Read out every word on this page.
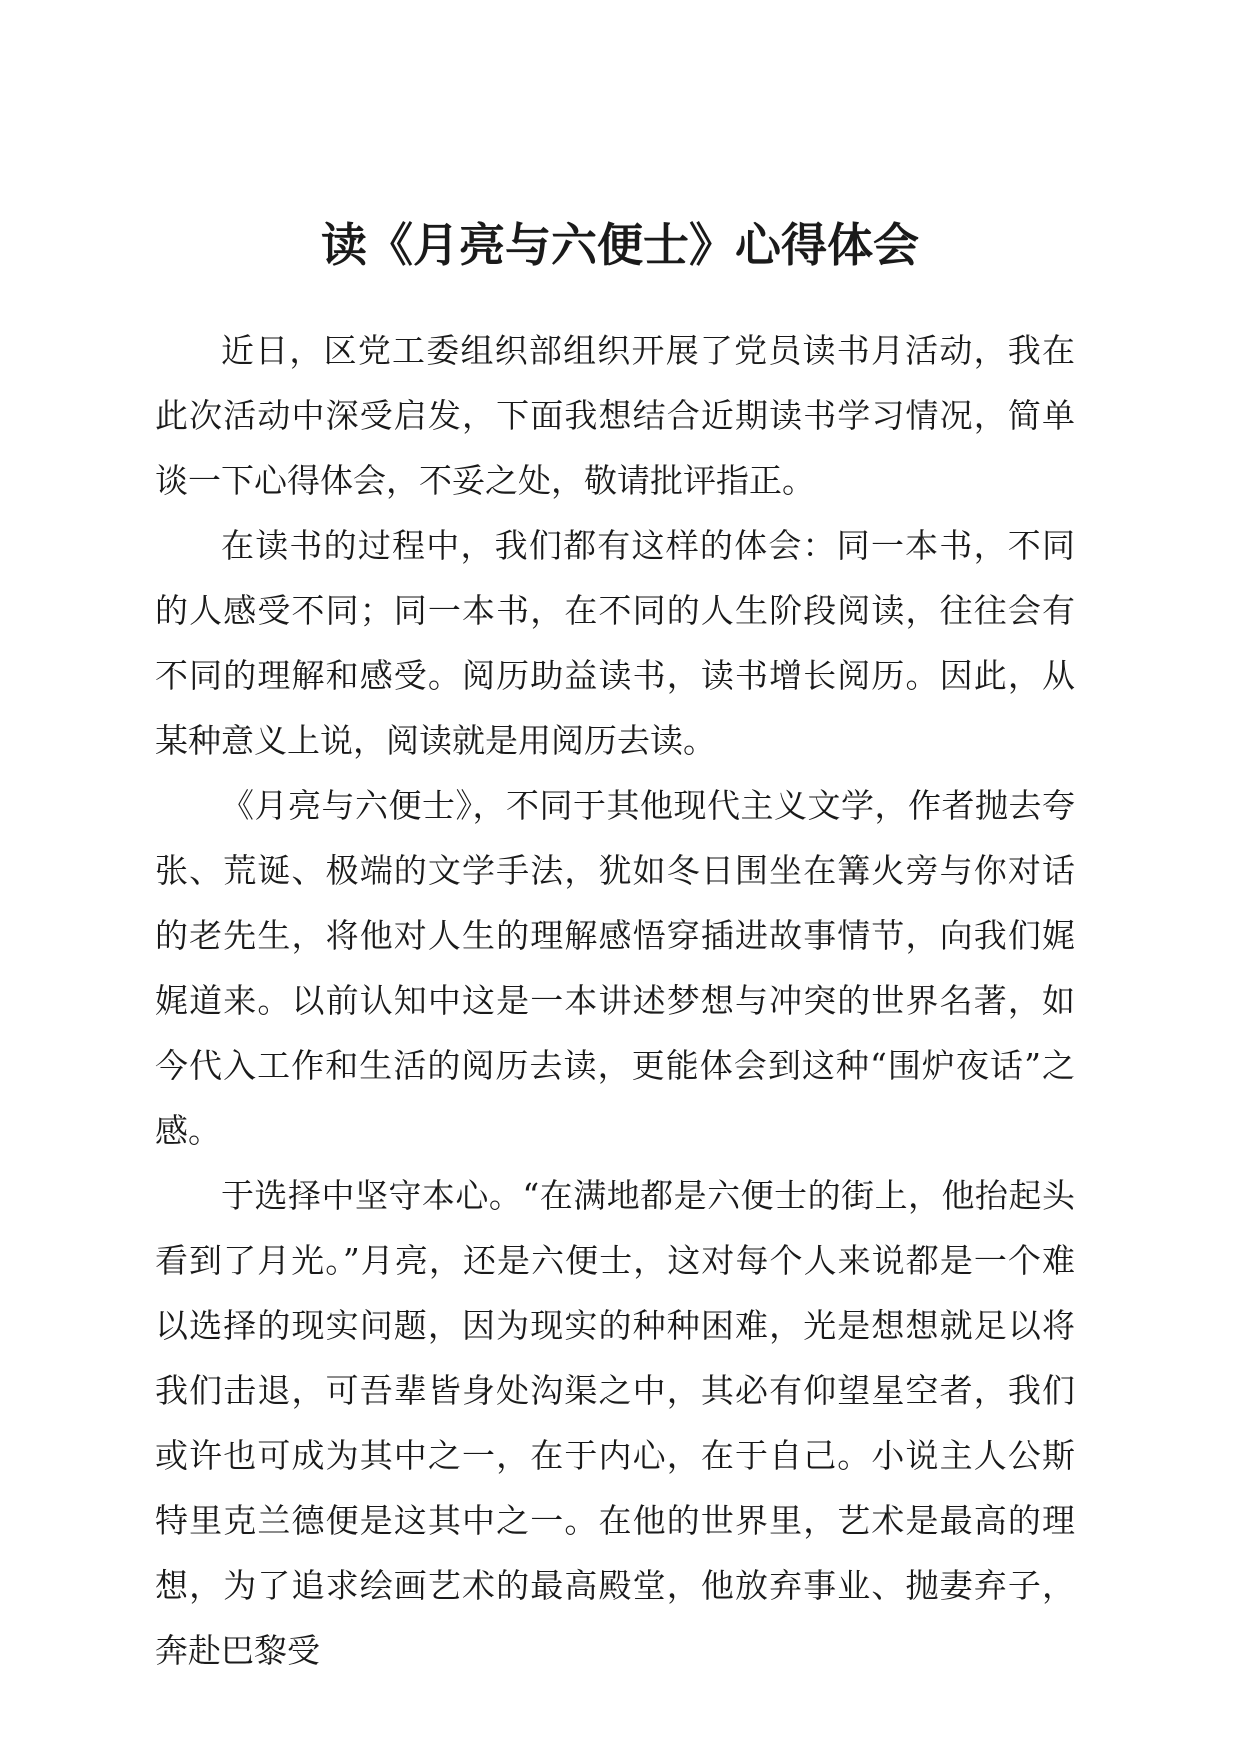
读《月亮与六便士》心得体会

近日，区党工委组织部组织开展了党员读书月活动，我在此次活动中深受启发，下面我想结合近期读书学习情况，简单谈一下心得体会，不妥之处，敬请批评指正。

在读书的过程中，我们都有这样的体会：同一本书，不同的人感受不同；同一本书，在不同的人生阶段阅读，往往会有不同的理解和感受。阅历助益读书，读书增长阅历。因此，从某种意义上说，阅读就是用阅历去读。

《月亮与六便士》，不同于其他现代主义文学，作者抛去夸张、荒诞、极端的文学手法，犹如冬日围坐在篝火旁与你对话的老先生，将他对人生的理解感悟穿插进故事情节，向我们娓娓道来。以前认知中这是一本讲述梦想与冲突的世界名著，如今代入工作和生活的阅历去读，更能体会到这种“围炉夜话”之感。

于选择中坚守本心。“在满地都是六便士的街上，他抬起头看到了月光。”月亮，还是六便士，这对每个人来说都是一个难以选择的现实问题，因为现实的种种困难，光是想想就足以将我们击退，可吾辈皆身处沟渠之中，其必有仰望星空者，我们或许也可成为其中之一，在于内心，在于自己。小说主人公斯特里克兰德便是这其中之一。在他的世界里，艺术是最高的理想，为了追求绘画艺术的最高殿堂，他放弃事业、抛妻弃子，奔赴巴黎受
